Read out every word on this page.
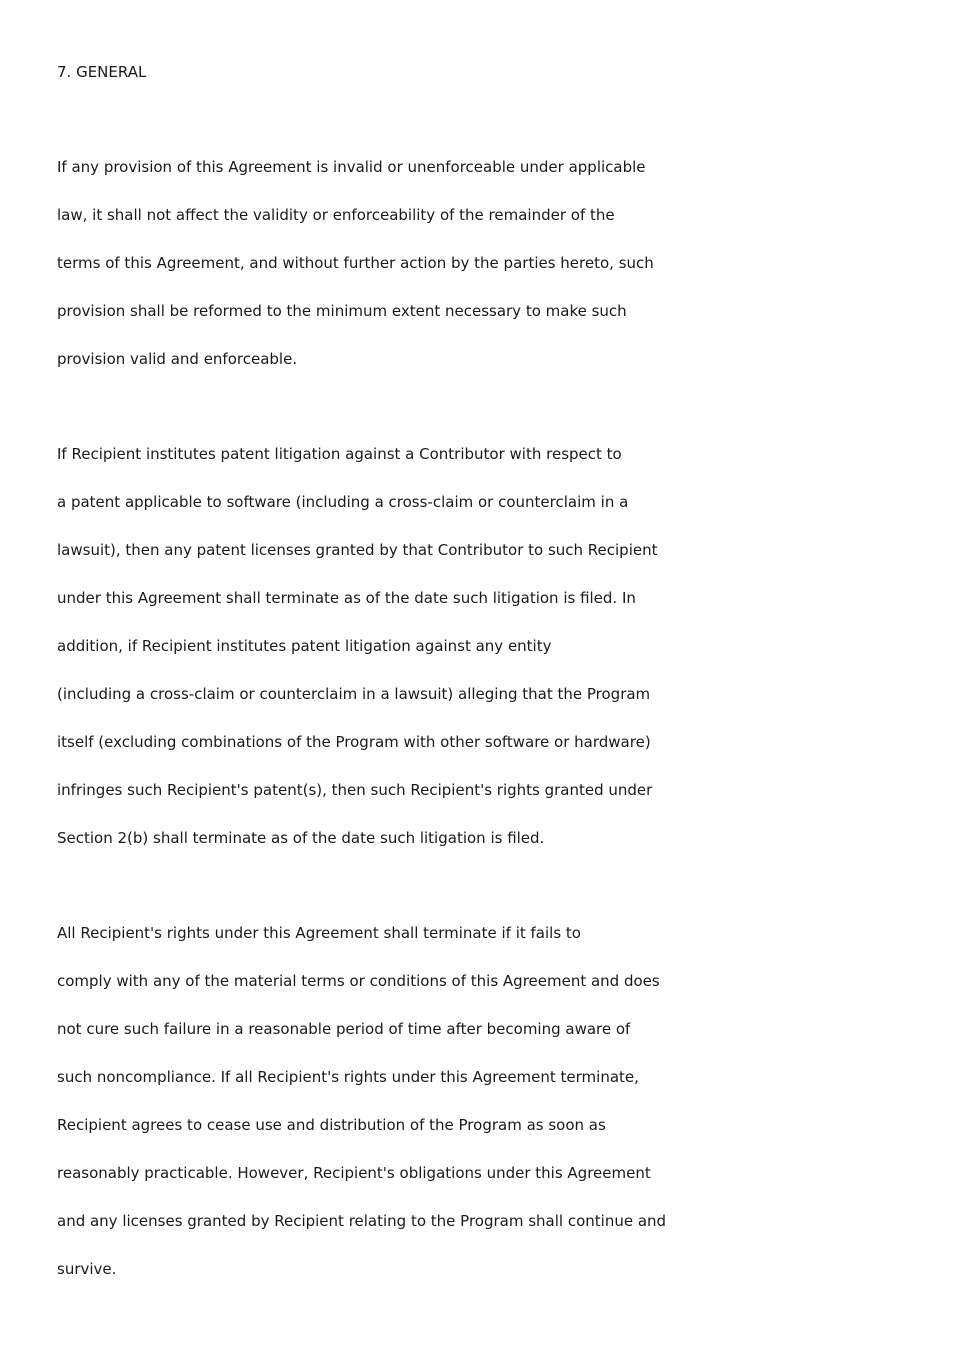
7. GENERAL

If any provision of this Agreement is invalid or unenforceable under applicable

law, it shall not affect the validity or enforceability of the remainder of the

terms of this Agreement, and without further action by the parties hereto, such

provision shall be reformed to the minimum extent necessary to make such

provision valid and enforceable.

If Recipient institutes patent litigation against a Contributor with respect to

a patent applicable to software (including a cross-claim or counterclaim in a

lawsuit), then any patent licenses granted by that Contributor to such Recipient

under this Agreement shall terminate as of the date such litigation is filed. In

addition, if Recipient institutes patent litigation against any entity

(including a cross-claim or counterclaim in a lawsuit) alleging that the Program

itself (excluding combinations of the Program with other software or hardware)

infringes such Recipient's patent(s), then such Recipient's rights granted under

Section 2(b) shall terminate as of the date such litigation is filed.

All Recipient's rights under this Agreement shall terminate if it fails to

comply with any of the material terms or conditions of this Agreement and does

not cure such failure in a reasonable period of time after becoming aware of

such noncompliance. If all Recipient's rights under this Agreement terminate,

Recipient agrees to cease use and distribution of the Program as soon as

reasonably practicable. However, Recipient's obligations under this Agreement

and any licenses granted by Recipient relating to the Program shall continue and

survive.
